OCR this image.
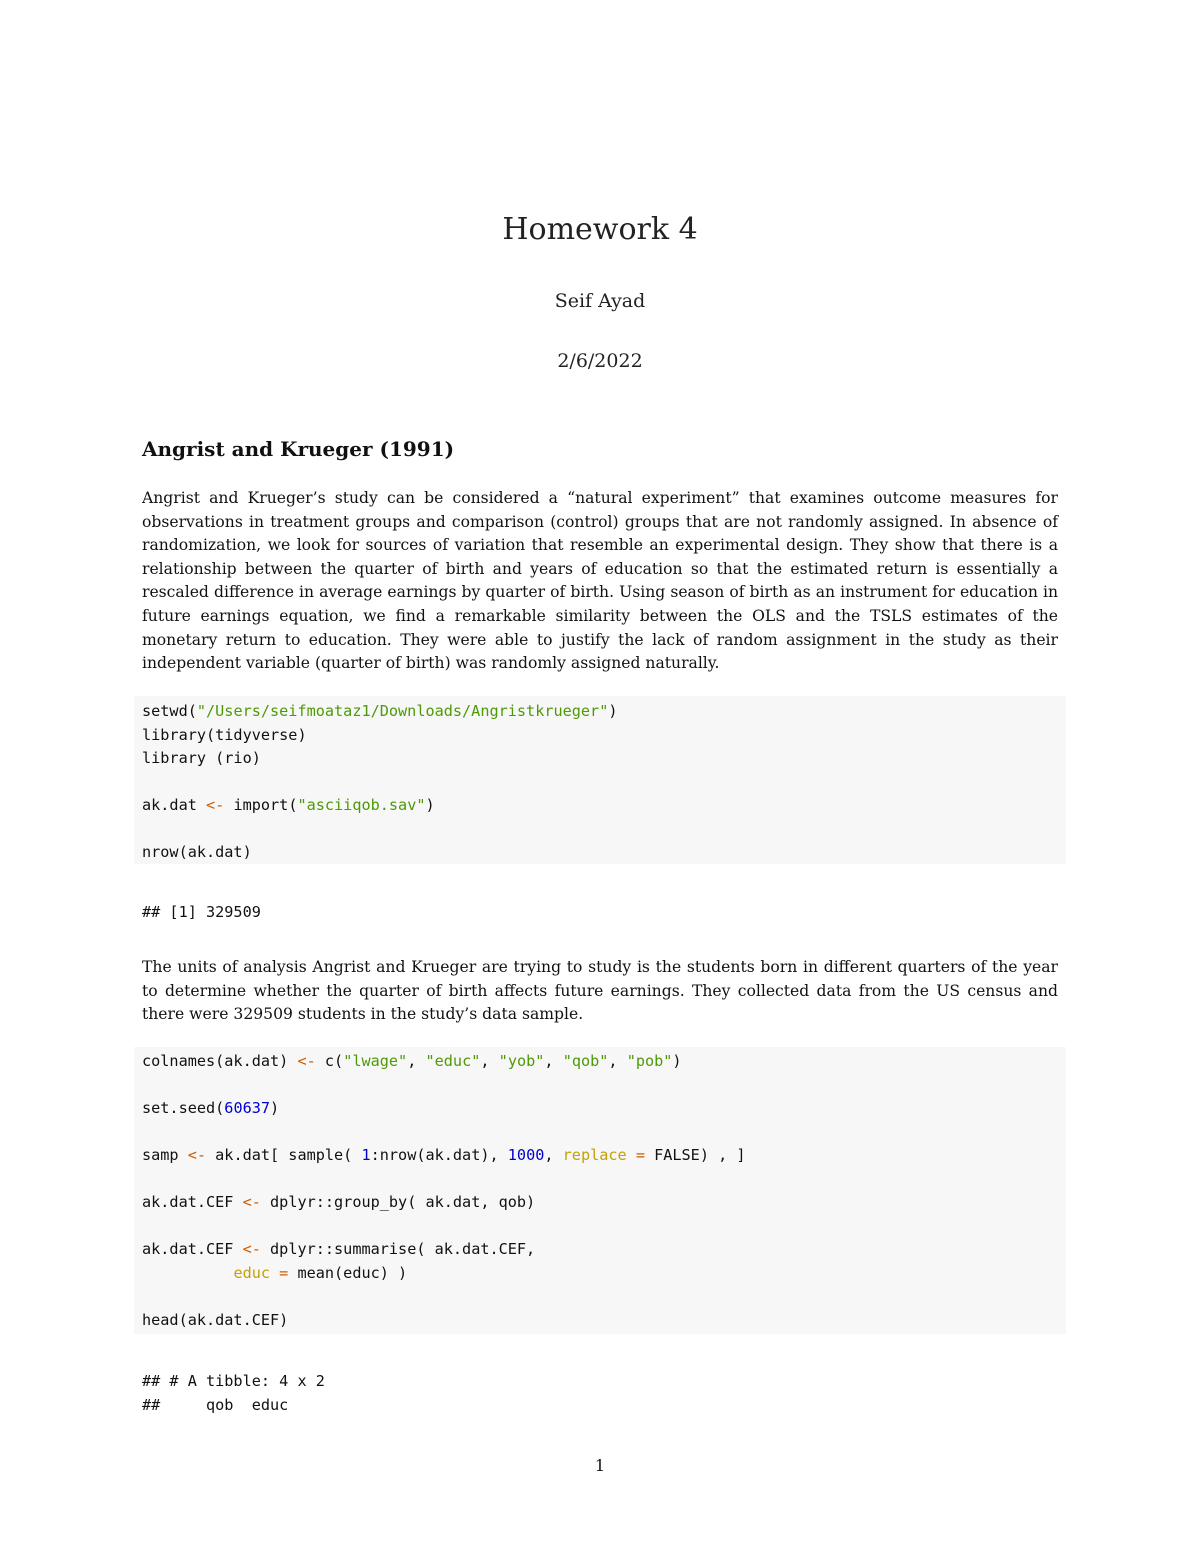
Homework 4
Seif Ayad
2/6/2022
Angrist and Krueger (1991)

Angrist and Krueger’s study can be considered a “natural experiment” that examines outcome measures for observations in treatment groups and comparison (control) groups that are not randomly assigned. In absence of randomization, we look for sources of variation that resemble an experimental design. They show that there is a relationship between the quarter of birth and years of education so that the estimated return is essentially a rescaled difference in average earnings by quarter of birth. Using season of birth as an instrument for education in future earnings equation, we find a remarkable similarity between the OLS and the TSLS estimates of the monetary return to education. They were able to justify the lack of random assignment in the study as their independent variable (quarter of birth) was randomly assigned naturally.

setwd("/Users/seifmoataz1/Downloads/Angristkrueger")
library(tidyverse)
library (rio)

ak.dat <- import("asciiqob.sav")

nrow(ak.dat)
## [1] 329509

The units of analysis Angrist and Krueger are trying to study is the students born in different quarters of the year to determine whether the quarter of birth affects future earnings. They collected data from the US census and there were 329509 students in the study’s data sample.

colnames(ak.dat) <- c("lwage", "educ", "yob", "qob", "pob")

set.seed(60637)

samp <- ak.dat[ sample( 1:nrow(ak.dat), 1000, replace = FALSE) , ]

ak.dat.CEF <- dplyr::group_by( ak.dat, qob)

ak.dat.CEF <- dplyr::summarise( ak.dat.CEF,
educ = mean(educ) )

head(ak.dat.CEF)
## # A tibble: 4 x 2
##     qob  educ
1
